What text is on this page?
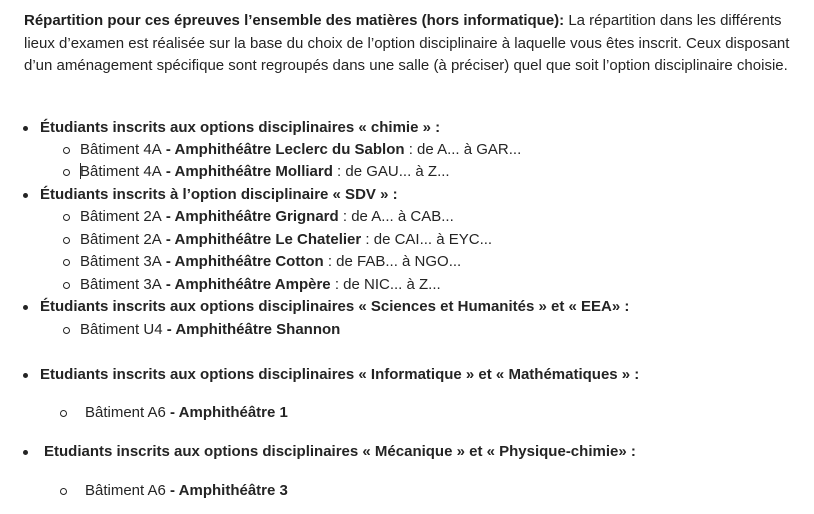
Répartition pour ces épreuves l’ensemble des matières (hors informatique): La répartition dans les différents lieux d’examen est réalisée sur la base du choix de l’option disciplinaire à laquelle vous êtes inscrit. Ceux disposant d’un aménagement spécifique sont regroupés dans une salle (à préciser) quel que soit l’option disciplinaire choisie.

Étudiants inscrits aux options disciplinaires « chimie » :
Bâtiment 4A - Amphithéâtre Leclerc du Sablon : de A... à GAR...
Bâtiment 4A - Amphithéâtre Molliard : de GAU... à Z...
Étudiants inscrits à l’option disciplinaire « SDV » :
Bâtiment 2A - Amphithéâtre Grignard : de A... à CAB...
Bâtiment 2A - Amphithéâtre Le Chatelier : de CAI... à EYC...
Bâtiment 3A - Amphithéâtre Cotton : de FAB... à NGO...
Bâtiment 3A - Amphithéâtre Ampère : de NIC... à Z...
Étudiants inscrits aux options disciplinaires « Sciences et Humanités » et « EEA» :
Bâtiment U4 - Amphithéâtre Shannon
Etudiants inscrits aux options disciplinaires « Informatique » et « Mathématiques » :
Bâtiment A6 - Amphithéâtre 1
Etudiants inscrits aux options disciplinaires « Mécanique » et « Physique-chimie» :
Bâtiment A6 - Amphithéâtre 3
